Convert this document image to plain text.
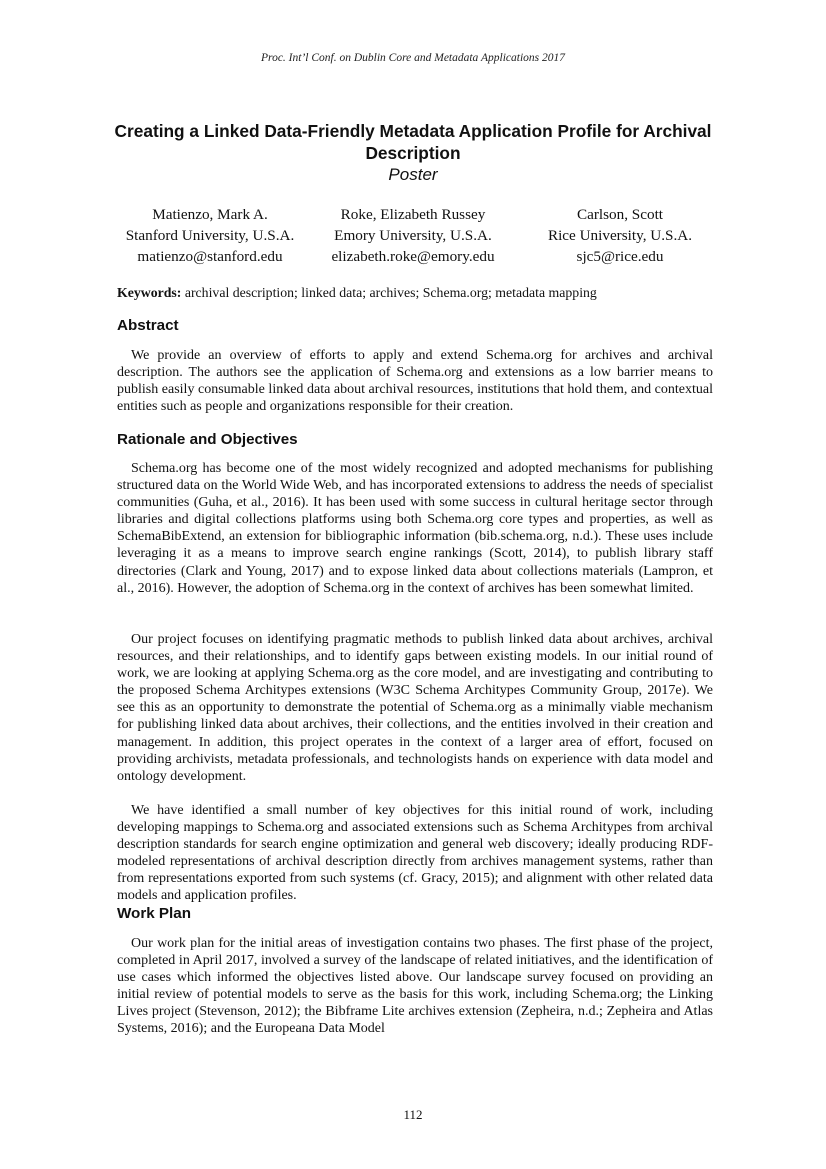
Proc. Int’l Conf. on Dublin Core and Metadata Applications 2017
Creating a Linked Data-Friendly Metadata Application Profile for Archival Description
Poster
Matienzo, Mark A.
Stanford University, U.S.A.
matienzo@stanford.edu
Roke, Elizabeth Russey
Emory University, U.S.A.
elizabeth.roke@emory.edu
Carlson, Scott
Rice University, U.S.A.
sjc5@rice.edu
Keywords: archival description; linked data; archives; Schema.org; metadata mapping
Abstract

We provide an overview of efforts to apply and extend Schema.org for archives and archival description. The authors see the application of Schema.org and extensions as a low barrier means to publish easily consumable linked data about archival resources, institutions that hold them, and contextual entities such as people and organizations responsible for their creation.

Rationale and Objectives

Schema.org has become one of the most widely recognized and adopted mechanisms for publishing structured data on the World Wide Web, and has incorporated extensions to address the needs of specialist communities (Guha, et al., 2016). It has been used with some success in cultural heritage sector through libraries and digital collections platforms using both Schema.org core types and properties, as well as SchemaBibExtend, an extension for bibliographic information (bib.schema.org, n.d.). These uses include leveraging it as a means to improve search engine rankings (Scott, 2014), to publish library staff directories (Clark and Young, 2017) and to expose linked data about collections materials (Lampron, et al., 2016). However, the adoption of Schema.org in the context of archives has been somewhat limited.

Our project focuses on identifying pragmatic methods to publish linked data about archives, archival resources, and their relationships, and to identify gaps between existing models. In our initial round of work, we are looking at applying Schema.org as the core model, and are investigating and contributing to the proposed Schema Architypes extensions (W3C Schema Architypes Community Group, 2017e). We see this as an opportunity to demonstrate the potential of Schema.org as a minimally viable mechanism for publishing linked data about archives, their collections, and the entities involved in their creation and management. In addition, this project operates in the context of a larger area of effort, focused on providing archivists, metadata professionals, and technologists hands on experience with data model and ontology development.

We have identified a small number of key objectives for this initial round of work, including developing mappings to Schema.org and associated extensions such as Schema Architypes from archival description standards for search engine optimization and general web discovery; ideally producing RDF-modeled representations of archival description directly from archives management systems, rather than from representations exported from such systems (cf. Gracy, 2015); and alignment with other related data models and application profiles.

Work Plan

Our work plan for the initial areas of investigation contains two phases. The first phase of the project, completed in April 2017, involved a survey of the landscape of related initiatives, and the identification of use cases which informed the objectives listed above. Our landscape survey focused on providing an initial review of potential models to serve as the basis for this work, including Schema.org; the Linking Lives project (Stevenson, 2012); the Bibframe Lite archives extension (Zepheira, n.d.; Zepheira and Atlas Systems, 2016); and the Europeana Data Model

112
